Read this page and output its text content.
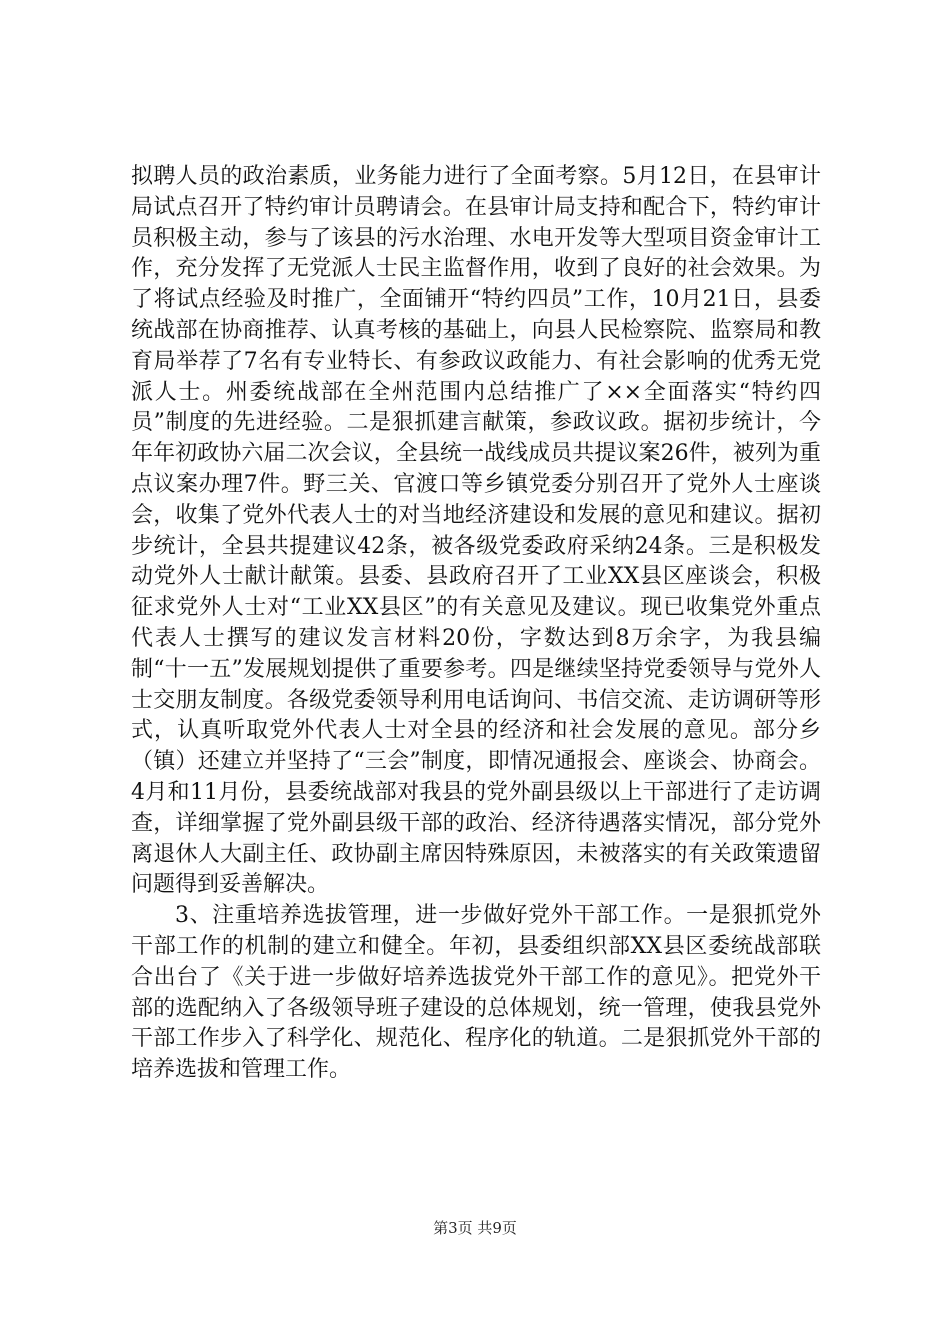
拟聘人员的政治素质，业务能力进行了全面考察。5月12日，在县审计局试点召开了特约审计员聘请会。在县审计局支持和配合下，特约审计员积极主动，参与了该县的污水治理、水电开发等大型项目资金审计工作，充分发挥了无党派人士民主监督作用，收到了良好的社会效果。为了将试点经验及时推广，全面铺开“特约四员”工作，10月21日，县委统战部在协商推荐、认真考核的基础上，向县人民检察院、监察局和教育局举荐了7名有专业特长、有参政议政能力、有社会影响的优秀无党派人士。州委统战部在全州范围内总结推广了××全面落实“特约四员”制度的先进经验。二是狠抓建言献策，参政议政。据初步统计，今年年初政协六届二次会议，全县统一战线成员共提议案26件，被列为重点议案办理7件。野三关、官渡口等乡镇党委分别召开了党外人士座谈会，收集了党外代表人士的对当地经济建设和发展的意见和建议。据初步统计，全县共提建议42条，被各级党委政府采纳24条。三是积极发动党外人士献计献策。县委、县政府召开了工业XX县区座谈会，积极征求党外人士对“工业XX县区”的有关意见及建议。现已收集党外重点代表人士撰写的建议发言材料20份，字数达到8万余字，为我县编制“十一五”发展规划提供了重要参考。四是继续坚持党委领导与党外人士交朋友制度。各级党委领导利用电话询问、书信交流、走访调研等形式，认真听取党外代表人士对全县的经济和社会发展的意见。部分乡（镇）还建立并坚持了“三会”制度，即情况通报会、座谈会、协商会。4月和11月份，县委统战部对我县的党外副县级以上干部进行了走访调查，详细掌握了党外副县级干部的政治、经济待遇落实情况，部分党外离退休人大副主任、政协副主席因特殊原因，未被落实的有关政策遗留问题得到妥善解决。

3、注重培养选拔管理，进一步做好党外干部工作。一是狠抓党外干部工作的机制的建立和健全。年初，县委组织部XX县区委统战部联合出台了《关于进一步做好培养选拔党外干部工作的意见》。把党外干部的选配纳入了各级领导班子建设的总体规划，统一管理，使我县党外干部工作步入了科学化、规范化、程序化的轨道。二是狠抓党外干部的培养选拔和管理工作。

第3页 共9页
